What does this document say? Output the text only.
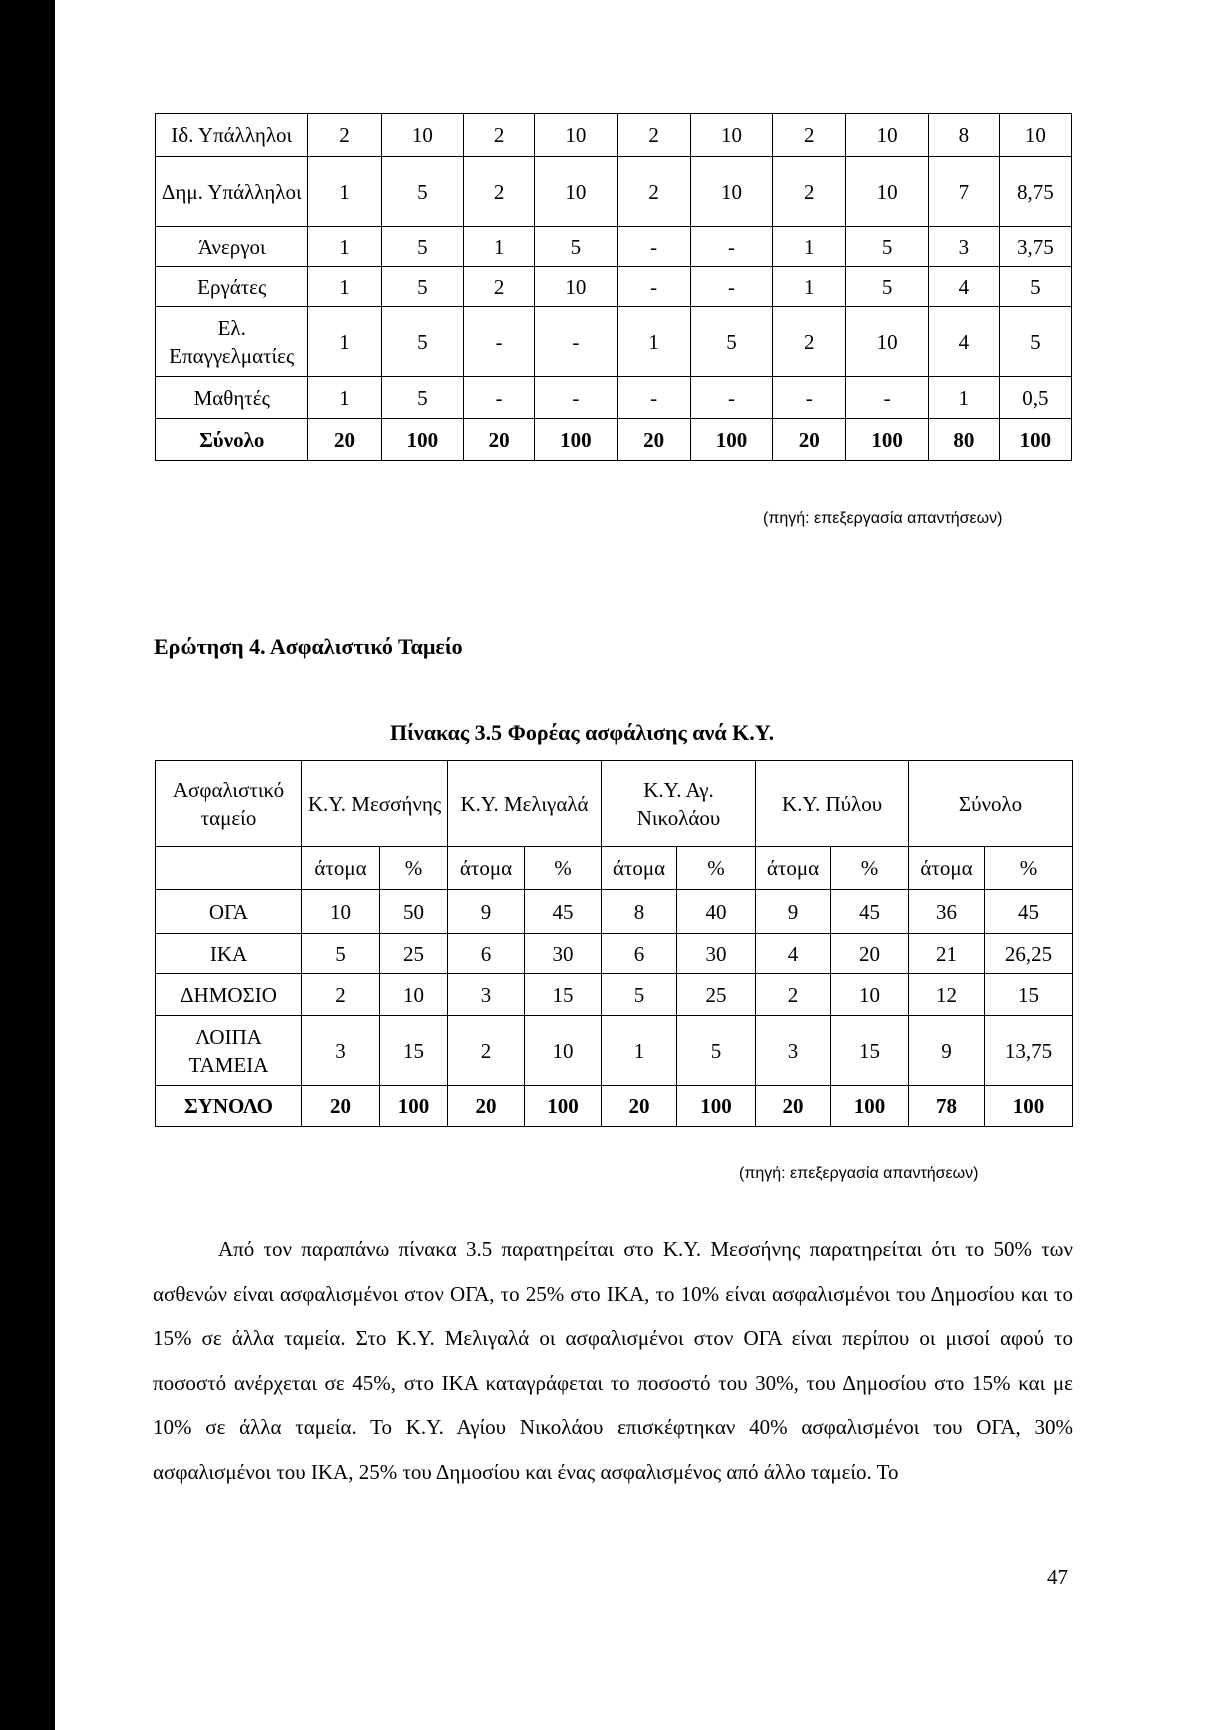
Ιδ. Υπάλληλοι	2	10	2	10	2	10	2	10	8	10
Δημ. Υπάλληλοι	1	5	2	10	2	10	2	10	7	8,75
Άνεργοι	1	5	1	5	-	-	1	5	3	3,75
Εργάτες	1	5	2	10	-	-	1	5	4	5
Ελ. Επαγγελματίες	1	5	-	-	1	5	2	10	4	5
Μαθητές	1	5	-	-	-	-	-	-	1	0,5
Σύνολο	20	100	20	100	20	100	20	100	80	100
(πηγή: επεξεργασία απαντήσεων)
Ερώτηση 4. Ασφαλιστικό Ταμείο
Πίνακας 3.5 Φορέας ασφάλισης ανά Κ.Υ.
Ασφαλιστικό ταμείο	Κ.Υ. Μεσσήνης		Κ.Υ. Μελιγαλά		Κ.Υ. Αγ. Νικολάου		Κ.Υ. Πύλου		Σύνολο	
	άτομα	%	άτομα	%	άτομα	%	άτομα	%	άτομα	%
ΟΓΑ	10	50	9	45	8	40	9	45	36	45
ΙΚΑ	5	25	6	30	6	30	4	20	21	26,25
ΔΗΜΟΣΙΟ	2	10	3	15	5	25	2	10	12	15
ΛΟΙΠΑ ΤΑΜΕΙΑ	3	15	2	10	1	5	3	15	9	13,75
ΣΥΝΟΛΟ	20	100	20	100	20	100	20	100	78	100
(πηγή: επεξεργασία απαντήσεων)

Από τον παραπάνω πίνακα 3.5 παρατηρείται στο Κ.Υ. Μεσσήνης παρατηρείται ότι το 50% των ασθενών είναι ασφαλισμένοι στον ΟΓΑ, το 25% στο ΙΚΑ, το 10% είναι ασφαλισμένοι του Δημοσίου και το 15% σε άλλα ταμεία. Στο Κ.Υ. Μελιγαλά οι ασφαλισμένοι στον ΟΓΑ είναι περίπου οι μισοί αφού το ποσοστό ανέρχεται σε 45%, στο ΙΚΑ καταγράφεται το ποσοστό του 30%, του Δημοσίου στο 15% και με 10% σε άλλα ταμεία. Το Κ.Υ. Αγίου Νικολάου επισκέφτηκαν 40% ασφαλισμένοι του ΟΓΑ, 30% ασφαλισμένοι του ΙΚΑ, 25% του Δημοσίου και ένας ασφαλισμένος από άλλο ταμείο. Το

47
